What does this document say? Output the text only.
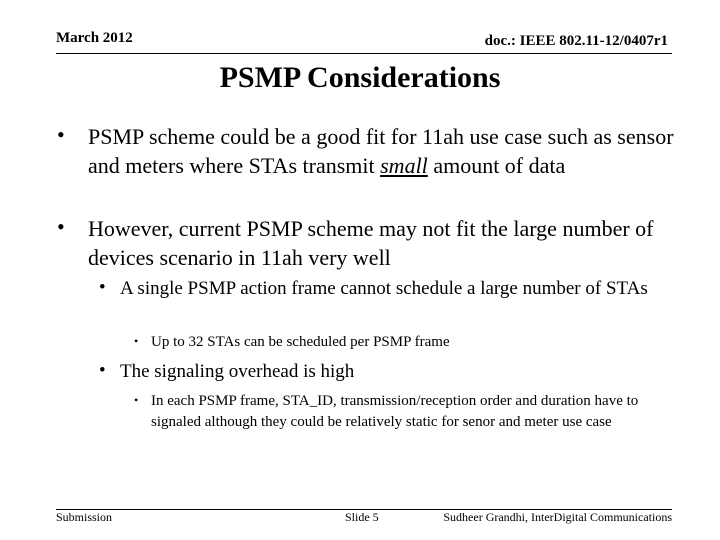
March 2012	doc.: IEEE 802.11-12/0407r1
PSMP Considerations
• PSMP scheme could be a good fit for 11ah use case such as sensor and meters where STAs transmit small amount of data
• However, current PSMP scheme may not fit the large number of devices scenario in 11ah very well
• A single PSMP action frame cannot schedule a large number of STAs
• Up to 32 STAs can be scheduled per PSMP frame
• The signaling overhead is high
• In each PSMP frame, STA_ID, transmission/reception order and duration have to signaled although they could be relatively static for senor and meter use case
Submission	Slide 5	Sudheer Grandhi, InterDigital Communications
